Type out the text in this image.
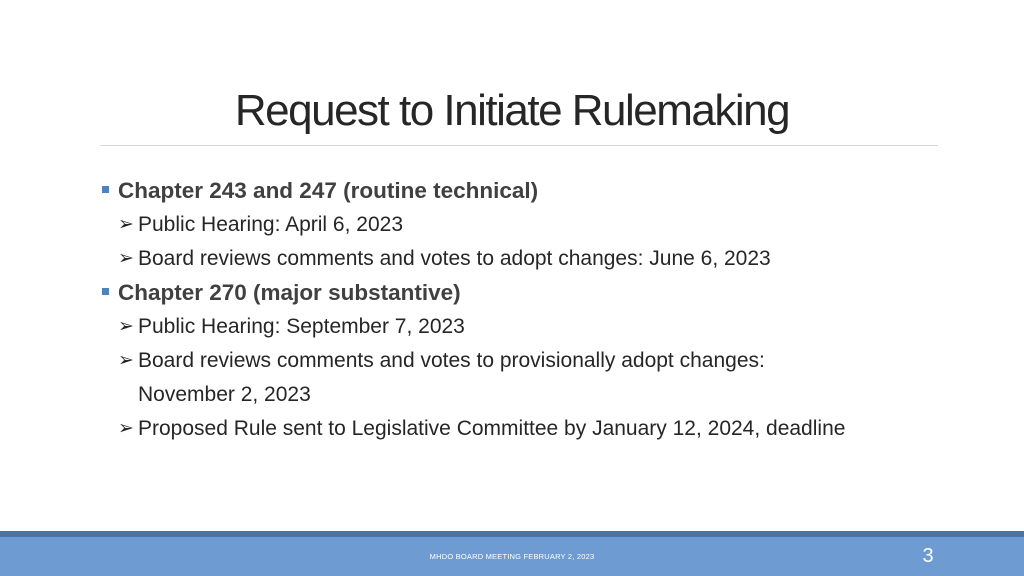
Request to Initiate Rulemaking
Chapter 243 and 247 (routine technical)
➢ Public Hearing: April 6, 2023
➢ Board reviews comments and votes to adopt changes: June 6, 2023
Chapter 270 (major substantive)
➢ Public Hearing: September 7, 2023
➢ Board reviews comments and votes to provisionally adopt changes:
November 2, 2023
➢ Proposed Rule sent to Legislative Committee by January 12, 2024, deadline
MHDO BOARD MEETING FEBRUARY 2, 2023	3
